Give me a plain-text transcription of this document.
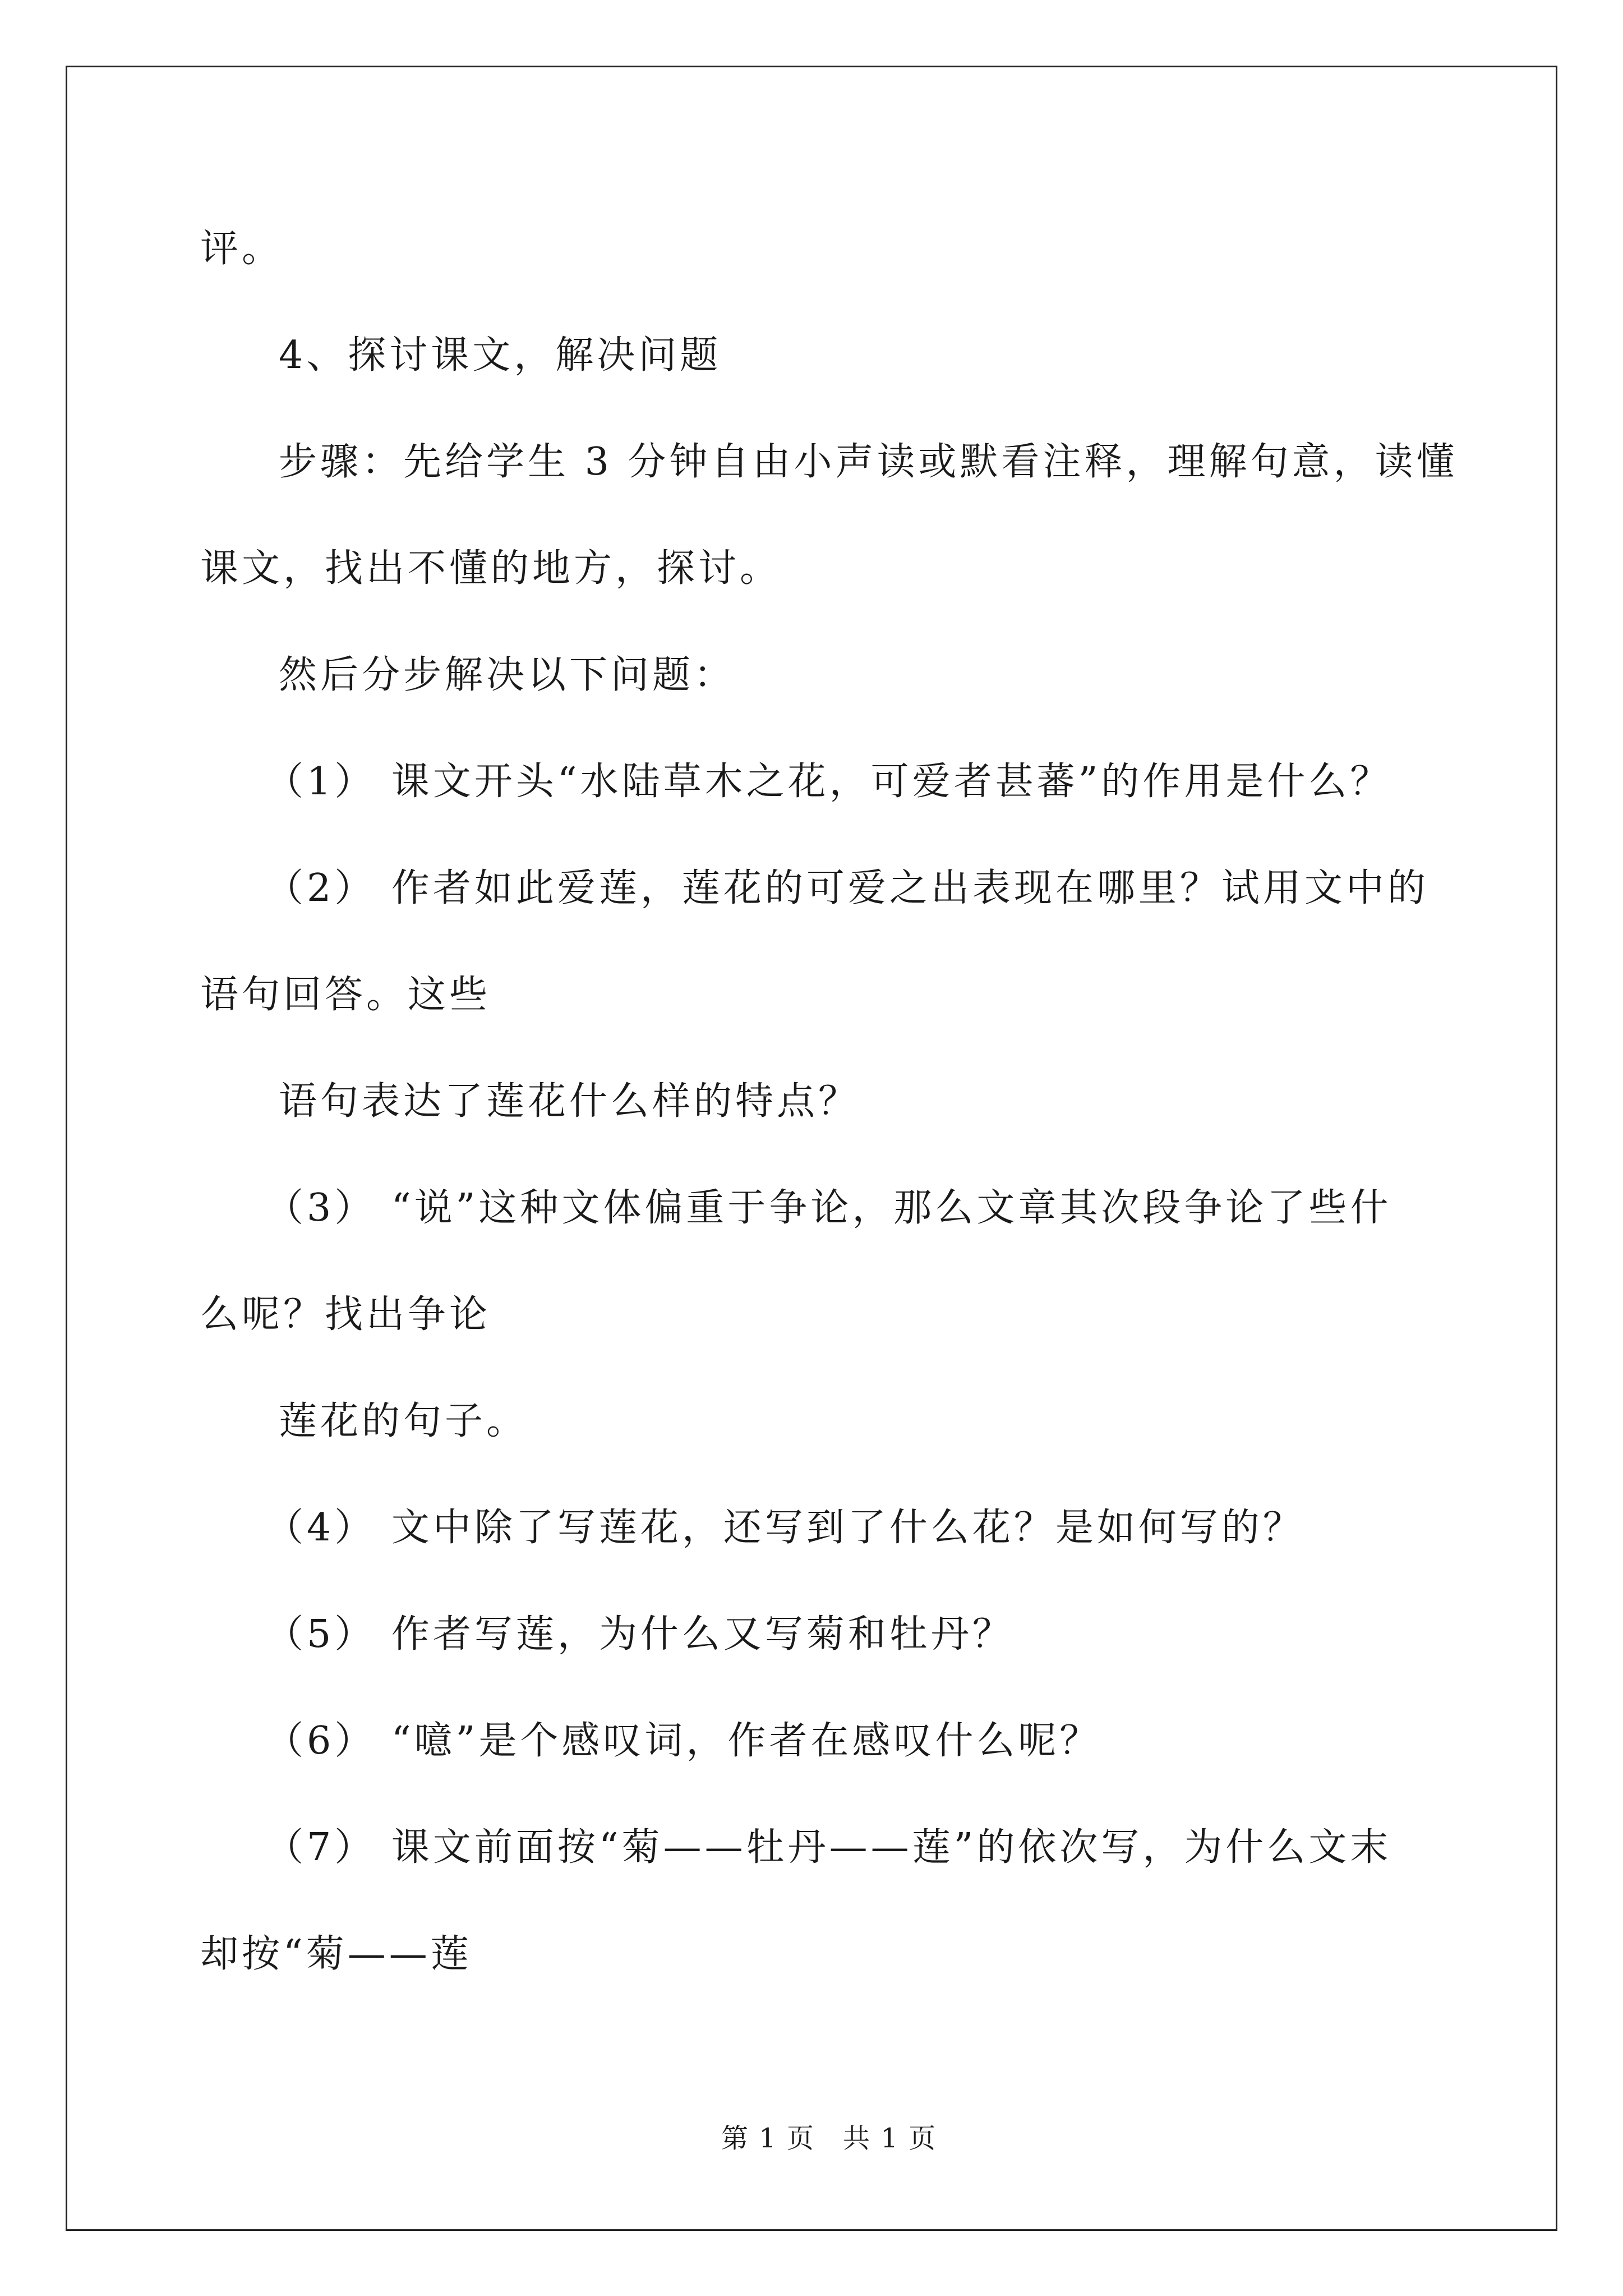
评。
4、探讨课文，解决问题
步骤：先给学生 3 分钟自由小声读或默看注释，理解句意，读懂
课文，找出不懂的地方，探讨。
然后分步解决以下问题：
（1） 课文开头“水陆草木之花，可爱者甚蕃”的作用是什么？
（2） 作者如此爱莲，莲花的可爱之出表现在哪里？试用文中的
语句回答。这些
语句表达了莲花什么样的特点？
（3） “说”这种文体偏重于争论，那么文章其次段争论了些什
么呢？找出争论
莲花的句子。
（4） 文中除了写莲花，还写到了什么花？是如何写的？
（5） 作者写莲，为什么又写菊和牡丹？
（6） “噫”是个感叹词，作者在感叹什么呢？
（7） 课文前面按“菊——牡丹——莲”的依次写，为什么文末
却按“菊——莲
第 1 页　共 1 页
